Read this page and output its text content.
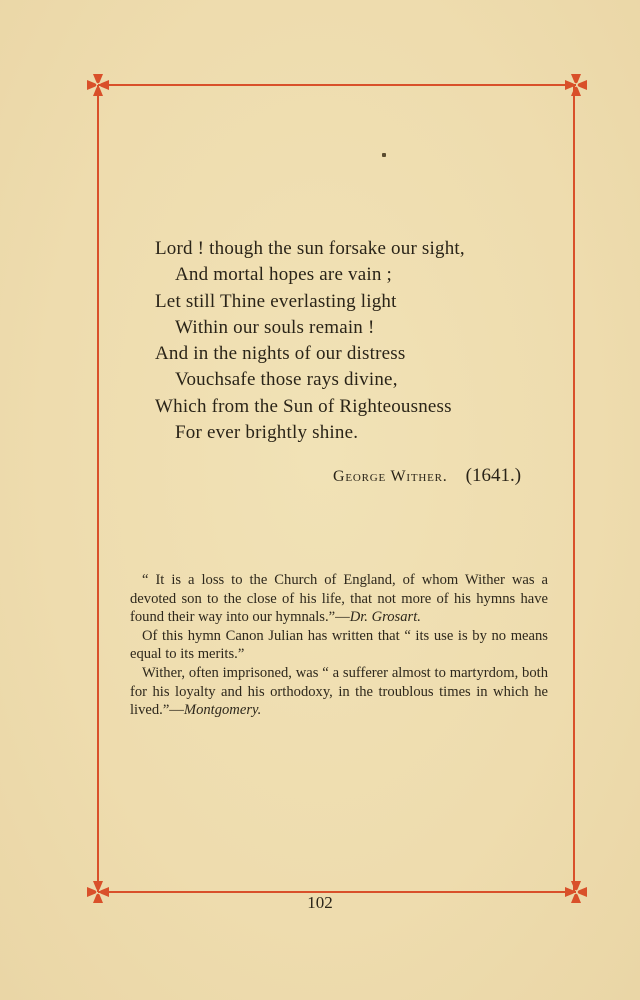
Lord ! though the sun forsake our sight,
And mortal hopes are vain ;
Let still Thine everlasting light
Within our souls remain !
And in the nights of our distress
Vouchsafe those rays divine,
Which from the Sun of Righteousness
For ever brightly shine.
George Wither. (1641.)

“ It is a loss to the Church of England, of whom Wither was a devoted son to the close of his life, that not more of his hymns have found their way into our hymnals.”—Dr. Grosart.

Of this hymn Canon Julian has written that “ its use is by no means equal to its merits.”

Wither, often imprisoned, was “ a sufferer almost to martyrdom, both for his loyalty and his orthodoxy, in the troublous times in which he lived.”—Montgomery.

102
